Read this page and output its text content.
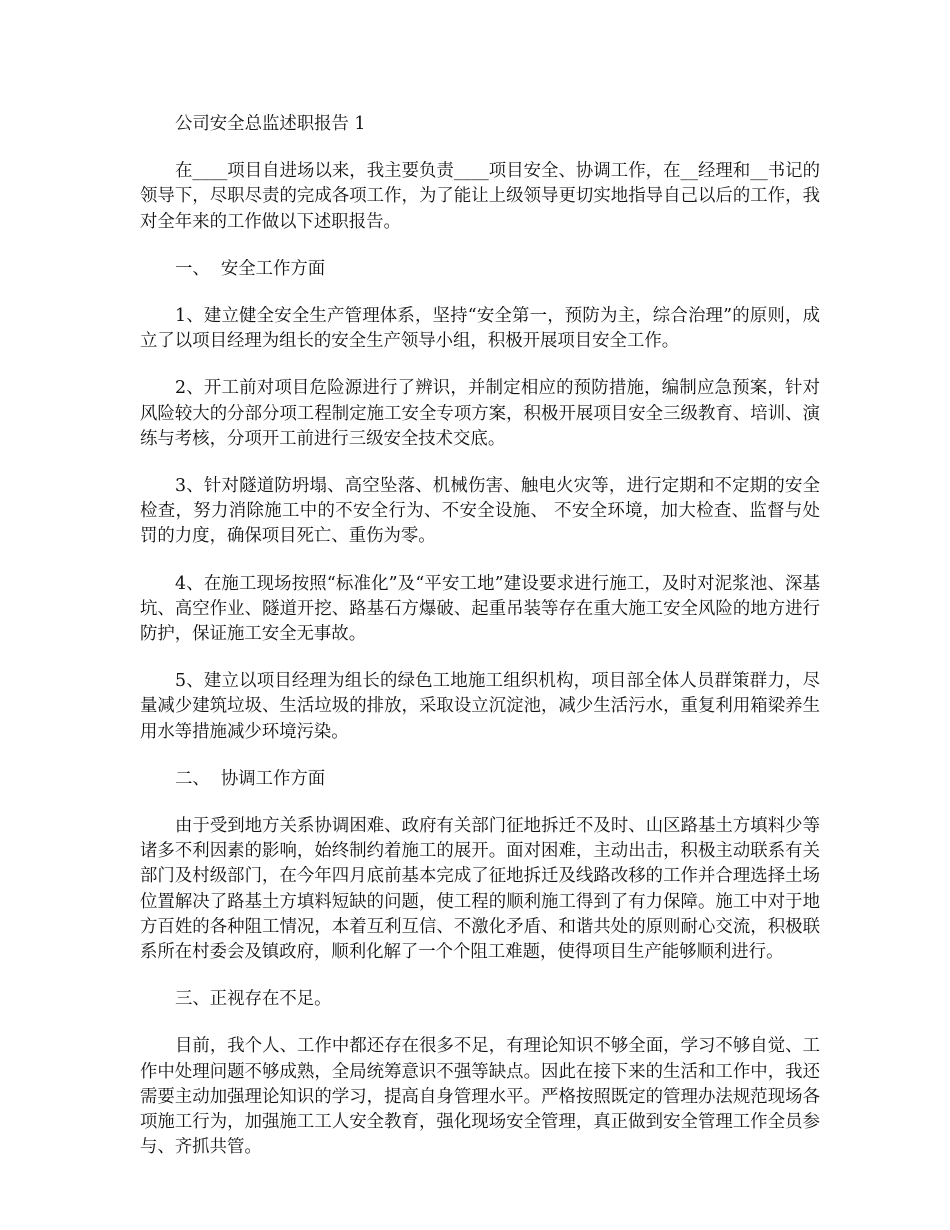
公司安全总监述职报告 1

在____项目自进场以来，我主要负责____项目安全、协调工作，在__经理和__书记的领导下，尽职尽责的完成各项工作，为了能让上级领导更切实地指导自己以后的工作，我对全年来的工作做以下述职报告。

一、  安全工作方面

1、建立健全安全生产管理体系，坚持“安全第一，预防为主，综合治理”的原则，成立了以项目经理为组长的安全生产领导小组，积极开展项目安全工作。

2、开工前对项目危险源进行了辨识，并制定相应的预防措施，编制应急预案，针对风险较大的分部分项工程制定施工安全专项方案，积极开展项目安全三级教育、培训、演练与考核，分项开工前进行三级安全技术交底。

3、针对隧道防坍塌、高空坠落、机械伤害、触电火灾等，进行定期和不定期的安全检查，努力消除施工中的不安全行为、不安全设施、 不安全环境，加大检查、监督与处罚的力度，确保项目死亡、重伤为零。

4、在施工现场按照“标准化”及“平安工地”建设要求进行施工，及时对泥浆池、深基坑、高空作业、隧道开挖、路基石方爆破、起重吊装等存在重大施工安全风险的地方进行防护，保证施工安全无事故。

5、建立以项目经理为组长的绿色工地施工组织机构，项目部全体人员群策群力，尽量减少建筑垃圾、生活垃圾的排放，采取设立沉淀池，减少生活污水，重复利用箱梁养生用水等措施减少环境污染。

二、  协调工作方面

由于受到地方关系协调困难、政府有关部门征地拆迁不及时、山区路基土方填料少等诸多不利因素的影响，始终制约着施工的展开。面对困难，主动出击，积极主动联系有关部门及村级部门，在今年四月底前基本完成了征地拆迁及线路改移的工作并合理选择土场位置解决了路基土方填料短缺的问题，使工程的顺利施工得到了有力保障。施工中对于地方百姓的各种阻工情况，本着互利互信、不激化矛盾、和谐共处的原则耐心交流，积极联系所在村委会及镇政府，顺利化解了一个个阻工难题，使得项目生产能够顺利进行。

三、正视存在不足。

目前，我个人、工作中都还存在很多不足，有理论知识不够全面，学习不够自觉、工作中处理问题不够成熟，全局统筹意识不强等缺点。因此在接下来的生活和工作中，我还需要主动加强理论知识的学习，提高自身管理水平。严格按照既定的管理办法规范现场各项施工行为，加强施工工人安全教育，强化现场安全管理，真正做到安全管理工作全员参与、齐抓共管。
